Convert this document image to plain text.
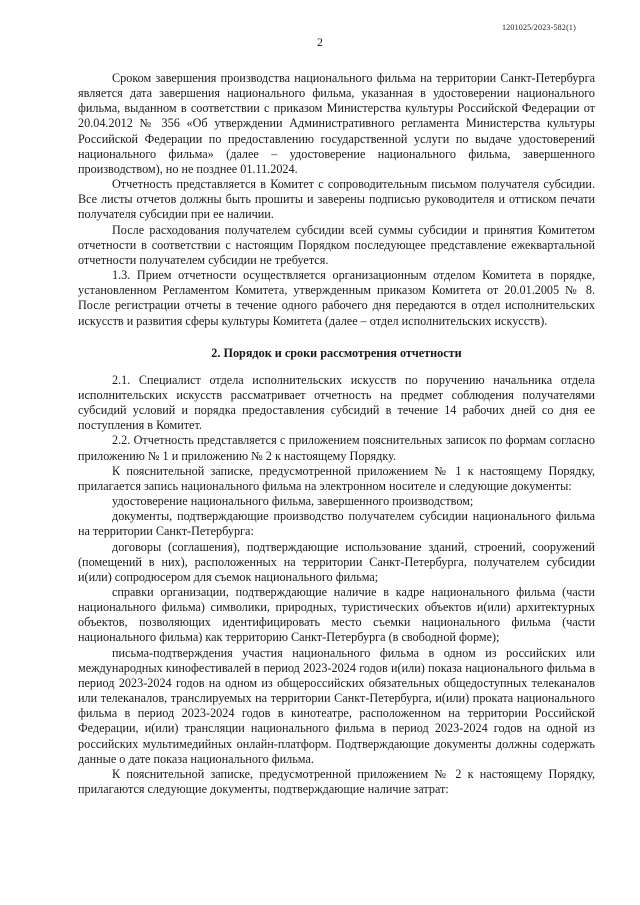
1201025/2023-582(1)
2

Сроком завершения производства национального фильма на территории Санкт-Петербурга является дата завершения национального фильма, указанная в удостоверении национального фильма, выданном в соответствии с приказом Министерства культуры Российской Федерации от 20.04.2012 № 356 «Об утверждении Административного регламента Министерства культуры Российской Федерации по предоставлению государственной услуги по выдаче удостоверений национального фильма» (далее – удостоверение национального фильма, завершенного производством), но не позднее 01.11.2024.

Отчетность представляется в Комитет с сопроводительным письмом получателя субсидии. Все листы отчетов должны быть прошиты и заверены подписью руководителя и оттиском печати получателя субсидии при ее наличии.

После расходования получателем субсидии всей суммы субсидии и принятия Комитетом отчетности в соответствии с настоящим Порядком последующее представление ежеквартальной отчетности получателем субсидии не требуется.

1.3. Прием отчетности осуществляется организационным отделом Комитета в порядке, установленном Регламентом Комитета, утвержденным приказом Комитета от 20.01.2005 № 8. После регистрации отчеты в течение одного рабочего дня передаются в отдел исполнительских искусств и развития сферы культуры Комитета (далее – отдел исполнительских искусств).

2. Порядок и сроки рассмотрения отчетности

2.1. Специалист отдела исполнительских искусств по поручению начальника отдела исполнительских искусств рассматривает отчетность на предмет соблюдения получателями субсидий условий и порядка предоставления субсидий в течение 14 рабочих дней со дня ее поступления в Комитет.

2.2. Отчетность представляется с приложением пояснительных записок по формам согласно приложению № 1 и приложению № 2 к настоящему Порядку.

К пояснительной записке, предусмотренной приложением № 1 к настоящему Порядку, прилагается запись национального фильма на электронном носителе и следующие документы:

удостоверение национального фильма, завершенного производством;

документы, подтверждающие производство получателем субсидии национального фильма на территории Санкт-Петербурга:

договоры (соглашения), подтверждающие использование зданий, строений, сооружений (помещений в них), расположенных на территории Санкт-Петербурга, получателем субсидии и(или) сопродюсером для съемок национального фильма;

справки организации, подтверждающие наличие в кадре национального фильма (части национального фильма) символики, природных, туристических объектов и(или) архитектурных объектов, позволяющих идентифицировать место съемки национального фильма (части национального фильма) как территорию Санкт-Петербурга (в свободной форме);

письма-подтверждения участия национального фильма в одном из российских или международных кинофестивалей в период 2023-2024 годов и(или) показа национального фильма в период 2023-2024 годов на одном из общероссийских обязательных общедоступных телеканалов или телеканалов, транслируемых на территории Санкт-Петербурга, и(или) проката национального фильма в период 2023-2024 годов в кинотеатре, расположенном на территории Российской Федерации, и(или) трансляции национального фильма в период 2023-2024 годов на одной из российских мультимедийных онлайн-платформ. Подтверждающие документы должны содержать данные о дате показа национального фильма.

К пояснительной записке, предусмотренной приложением № 2 к настоящему Порядку, прилагаются следующие документы, подтверждающие наличие затрат:
